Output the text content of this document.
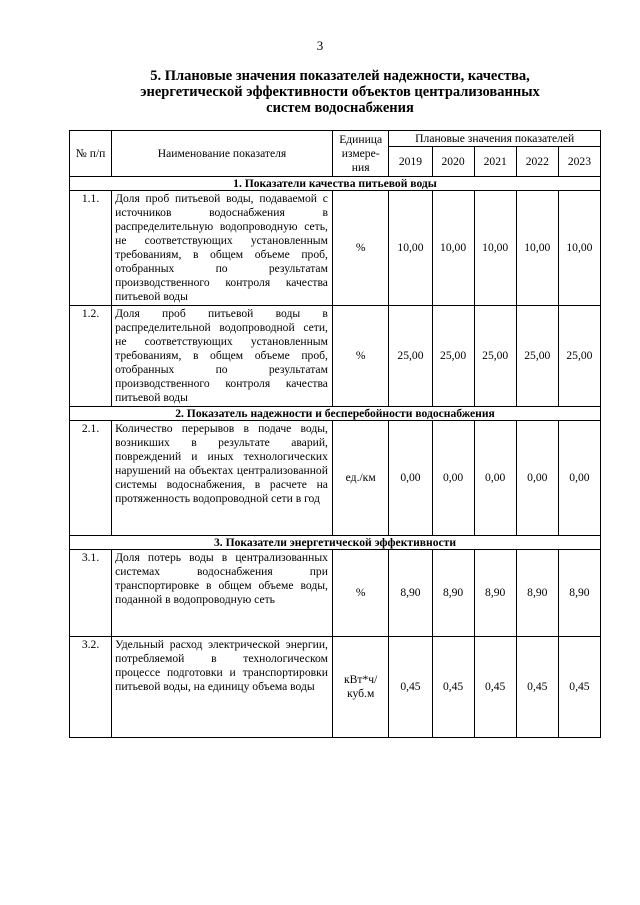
3
5. Плановые значения показателей надежности, качества,
энергетической эффективности объектов централизованных
систем водоснабжения
№ п/п	Наименование показателя	Единица измере-ния	Плановые значения показателей				
			2019	2020	2021	2022	2023
1. Показатели качества питьевой воды							
1.1.	Доля проб питьевой воды, подаваемой с источников водоснабжения в распределительную водопроводную сеть, не соответствующих установленным требованиям, в общем объеме проб, отобранных по результатам производственного контроля качества питьевой воды	%	10,00	10,00	10,00	10,00	10,00
1.2.	Доля проб питьевой воды в распределительной водопроводной сети, не соответствующих установленным требованиям, в общем объеме проб, отобранных по результатам производственного контроля качества питьевой воды	%	25,00	25,00	25,00	25,00	25,00
2. Показатель надежности и бесперебойности водоснабжения							
2.1.	Количество перерывов в подаче воды, возникших в результате аварий, повреждений и иных технологических нарушений на объектах централизованной системы водоснабжения, в расчете на протяженность водопроводной сети в год	ед./км	0,00	0,00	0,00	0,00	0,00
3. Показатели энергетической эффективности							
3.1.	Доля потерь воды в централизованных системах водоснабжения при транспортировке в общем объеме воды, поданной в водопроводную сеть	%	8,90	8,90	8,90	8,90	8,90
3.2.	Удельный расход электрической энергии, потребляемой в технологическом процессе подготовки и транспортировки питьевой воды, на единицу объема воды	кВт*ч/ куб.м	0,45	0,45	0,45	0,45	0,45
